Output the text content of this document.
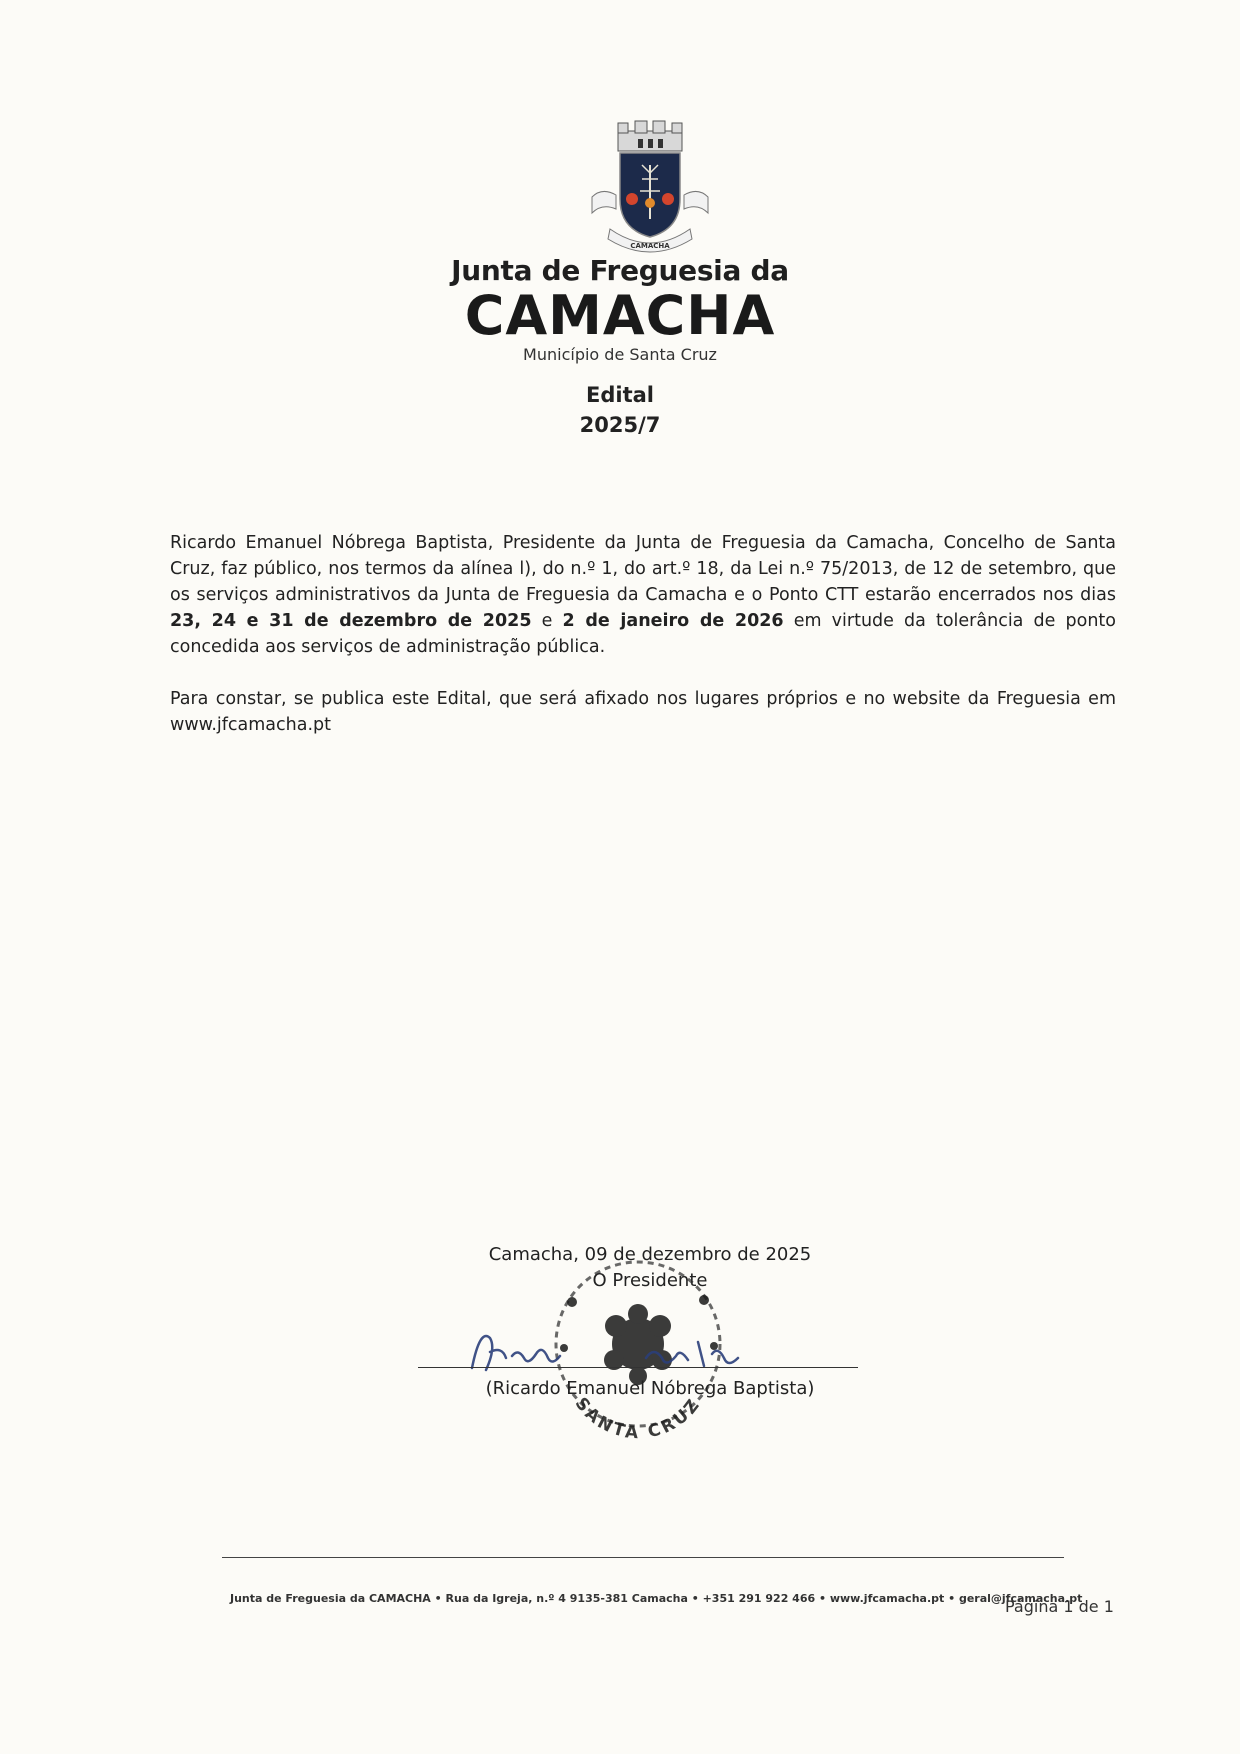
CAMACHA
Junta de Freguesia da
CAMACHA
Município de Santa Cruz
Edital
2025/7

Ricardo Emanuel Nóbrega Baptista, Presidente da Junta de Freguesia da Camacha, Concelho de Santa Cruz, faz público, nos termos da alínea l), do n.º 1, do art.º 18, da Lei n.º 75/2013, de 12 de setembro, que os serviços administrativos da Junta de Freguesia da Camacha e o Ponto CTT estarão encerrados nos dias 23, 24 e 31 de dezembro de 2025 e 2 de janeiro de 2026 em virtude da tolerância de ponto concedida aos serviços de administração pública.

Para constar, se publica este Edital, que será afixado nos lugares próprios e no website da Freguesia em www.jfcamacha.pt

Camacha, 09 de dezembro de 2025
O Presidente
SANTA CRUZ
(Ricardo Emanuel Nóbrega Baptista)
Junta de Freguesia da CAMACHA • Rua da Igreja, n.º 4 9135-381 Camacha • +351 291 922 466 • www.jfcamacha.pt • geral@jfcamacha.pt
Página 1 de 1
